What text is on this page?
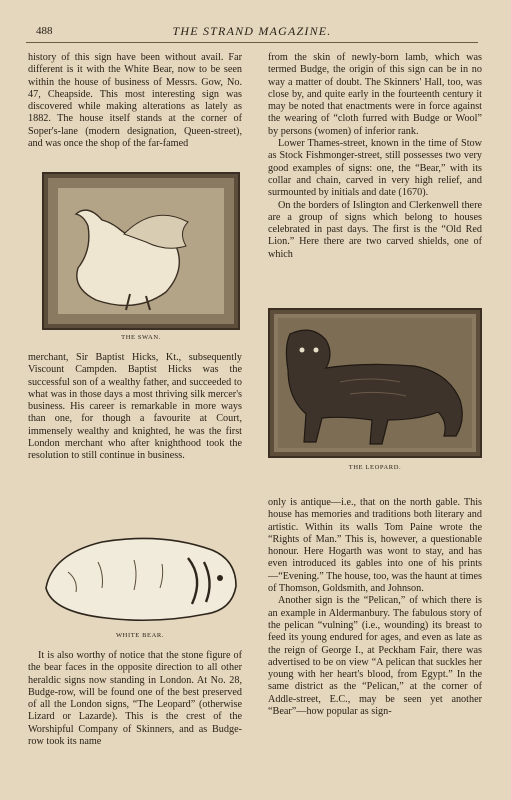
488	THE STRAND MAGAZINE.

history of this sign have been without avail. Far different is it with the White Bear, now to be seen within the house of business of Messrs. Gow, No. 47, Cheapside. This most interesting sign was discovered while making alterations as lately as 1882. The house itself stands at the corner of Soper's-lane (modern designation, Queen-street), and was once the shop of the far-famed

THE SWAN.

merchant, Sir Baptist Hicks, Kt., subsequently Viscount Campden. Baptist Hicks was the successful son of a wealthy father, and succeeded to what was in those days a most thriving silk mercer's business. His career is remarkable in more ways than one, for though a favourite at Court, immensely wealthy and knighted, he was the first London merchant who after knighthood took the resolution to still continue in business.

WHITE BEAR.

It is also worthy of notice that the stone figure of the bear faces in the opposite direction to all other heraldic signs now standing in London. At No. 28, Budge-row, will be found one of the best preserved of all the London signs, “The Leopard” (otherwise Lizard or Lazarde). This is the crest of the Worshipful Company of Skinners, and as Budge-row took its name

from the skin of newly-born lamb, which was termed Budge, the origin of this sign can be in no way a matter of doubt. The Skinners' Hall, too, was close by, and quite early in the fourteenth century it may be noted that enactments were in force against the wearing of “cloth furred with Budge or Wool” by persons (women) of inferior rank.

Lower Thames-street, known in the time of Stow as Stock Fishmonger-street, still possesses two very good examples of signs: one, the “Bear,” with its collar and chain, carved in very high relief, and surmounted by initials and date (1670).

On the borders of Islington and Clerkenwell there are a group of signs which belong to houses celebrated in past days. The first is the “Old Red Lion.” Here there are two carved shields, one of which

THE LEOPARD.

only is antique—i.e., that on the north gable. This house has memories and traditions both literary and artistic. Within its walls Tom Paine wrote the “Rights of Man.” This is, however, a questionable honour. Here Hogarth was wont to stay, and has even introduced its gables into one of his prints—“Evening.” The house, too, was the haunt at times of Thomson, Goldsmith, and Johnson.

Another sign is the “Pelican,” of which there is an example in Aldermanbury. The fabulous story of the pelican “vulning” (i.e., wounding) its breast to feed its young endured for ages, and even as late as the reign of George I., at Peckham Fair, there was advertised to be on view “A pelican that suckles her young with her heart's blood, from Egypt.” In the same district as the “Pelican,” at the corner of Addle-street, E.C., may be seen yet another “Bear”—how popular as sign-
